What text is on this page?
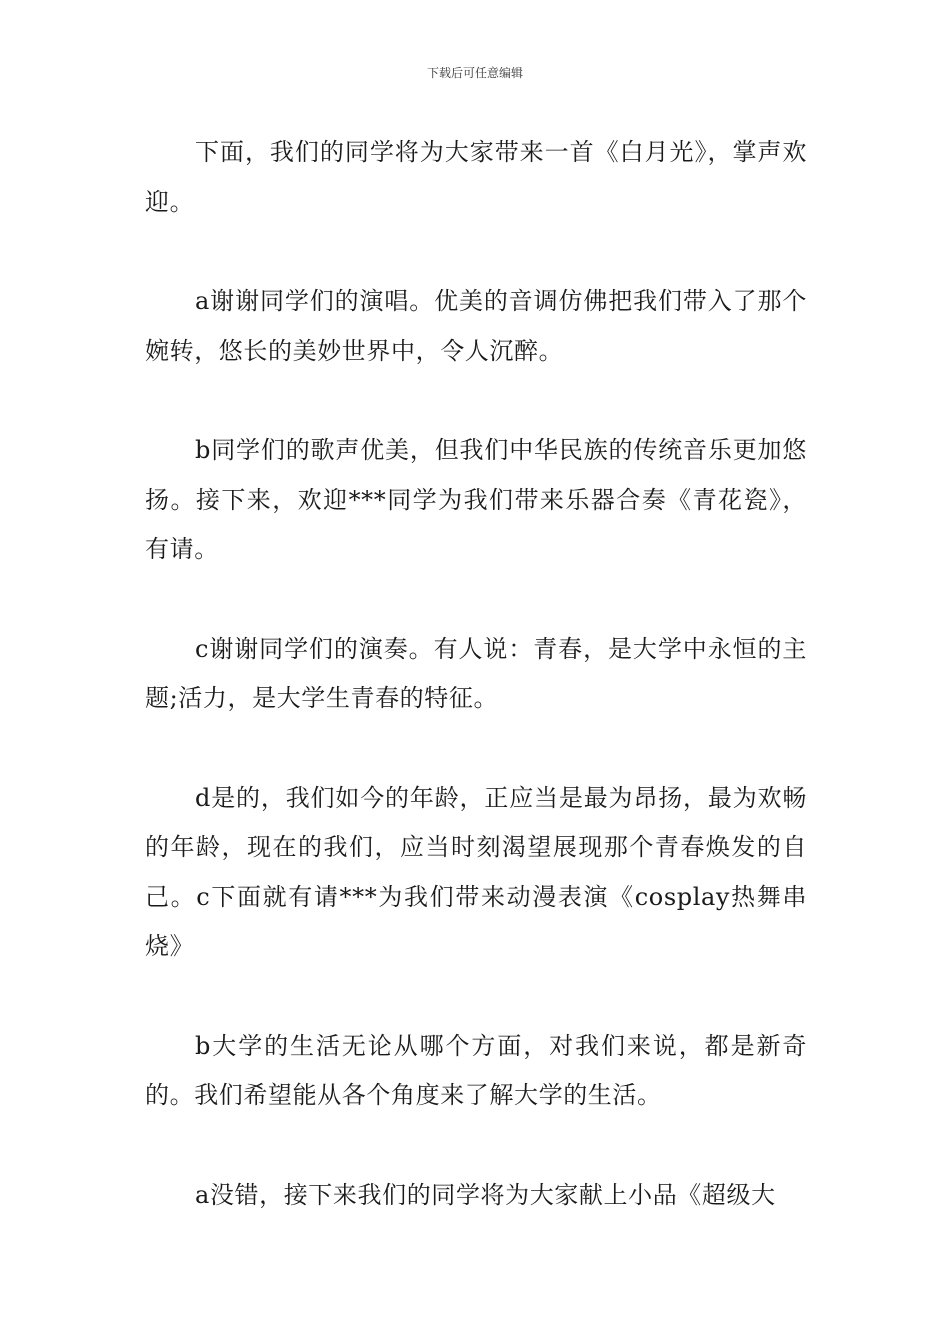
下载后可任意编辑

下面，我们的同学将为大家带来一首《白月光》，掌声欢迎。

a谢谢同学们的演唱。优美的音调仿佛把我们带入了那个婉转，悠长的美妙世界中，令人沉醉。

b同学们的歌声优美，但我们中华民族的传统音乐更加悠扬。接下来，欢迎***同学为我们带来乐器合奏《青花瓷》，有请。

c谢谢同学们的演奏。有人说：青春，是大学中永恒的主题;活力，是大学生青春的特征。

d是的，我们如今的年龄，正应当是最为昂扬，最为欢畅的年龄，现在的我们，应当时刻渴望展现那个青春焕发的自己。c下面就有请***为我们带来动漫表演《cosplay热舞串烧》

b大学的生活无论从哪个方面，对我们来说，都是新奇的。我们希望能从各个角度来了解大学的生活。

a没错，接下来我们的同学将为大家献上小品《超级大
